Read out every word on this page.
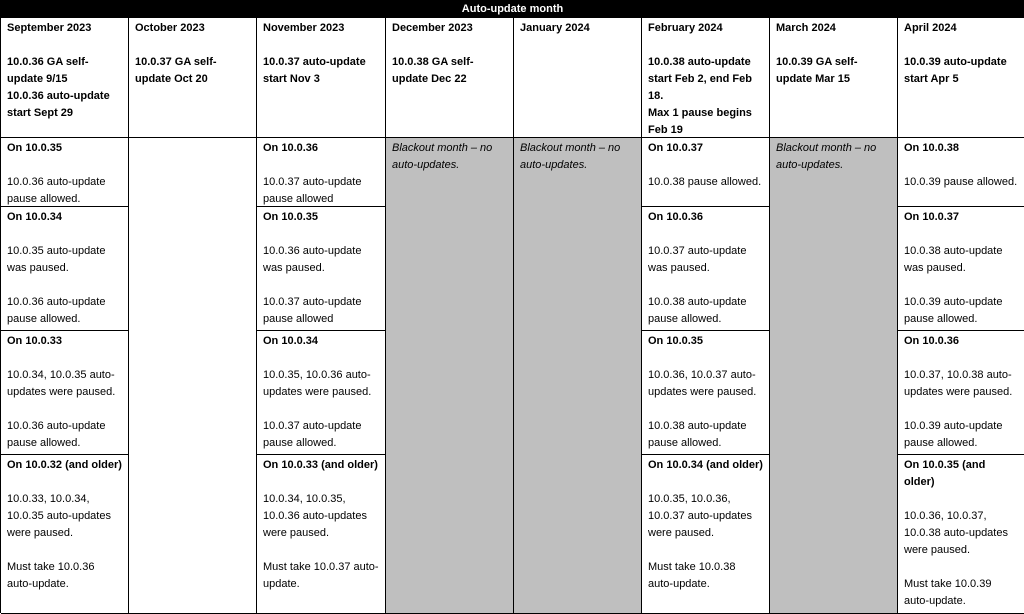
Auto-update month
September 2023
10.0.36 GA self-update 9/15
10.0.36 auto-update start Sept 29
October 2023
10.0.37 GA self-update Oct 20
November 2023
10.0.37 auto-update start Nov 3
December 2023
10.0.38 GA self-update Dec 22
January 2024	February 2024
10.0.38 auto-update start Feb 2, end Feb 18.
Max 1 pause begins Feb 19
March 2024
10.0.39 GA self-update Mar 15
April 2024
10.0.39 auto-update start Apr 5
Blackout month – no auto-updates.
Blackout month – no auto-updates.
Blackout month – no auto-updates.
On 10.0.35
10.0.36 auto-update pause allowed.
On 10.0.34
10.0.35 auto-update was paused.
10.0.36 auto-update pause allowed.
On 10.0.33
10.0.34, 10.0.35 auto-updates were paused.
10.0.36 auto-update pause allowed.
On 10.0.32 (and older)
10.0.33, 10.0.34, 10.0.35 auto-updates were paused.
Must take 10.0.36 auto-update.
On 10.0.36
10.0.37 auto-update pause allowed
On 10.0.35
10.0.36 auto-update was paused.
10.0.37 auto-update pause allowed
On 10.0.34
10.0.35, 10.0.36 auto-updates were paused.
10.0.37 auto-update pause allowed.
On 10.0.33 (and older)
10.0.34, 10.0.35, 10.0.36 auto-updates were paused.
Must take 10.0.37 auto-update.
On 10.0.37
10.0.38 pause allowed.
On 10.0.36
10.0.37 auto-update was paused.
10.0.38 auto-update pause allowed.
On 10.0.35
10.0.36, 10.0.37 auto-updates were paused.
10.0.38 auto-update pause allowed.
On 10.0.34 (and older)
10.0.35, 10.0.36, 10.0.37 auto-updates were paused.
Must take 10.0.38 auto-update.
On 10.0.38
10.0.39 pause allowed.
On 10.0.37
10.0.38 auto-update was paused.
10.0.39 auto-update pause allowed.
On 10.0.36
10.0.37, 10.0.38 auto-updates were paused.
10.0.39 auto-update pause allowed.
On 10.0.35 (and older)
10.0.36, 10.0.37, 10.0.38 auto-updates were paused.
Must take 10.0.39 auto-update.
